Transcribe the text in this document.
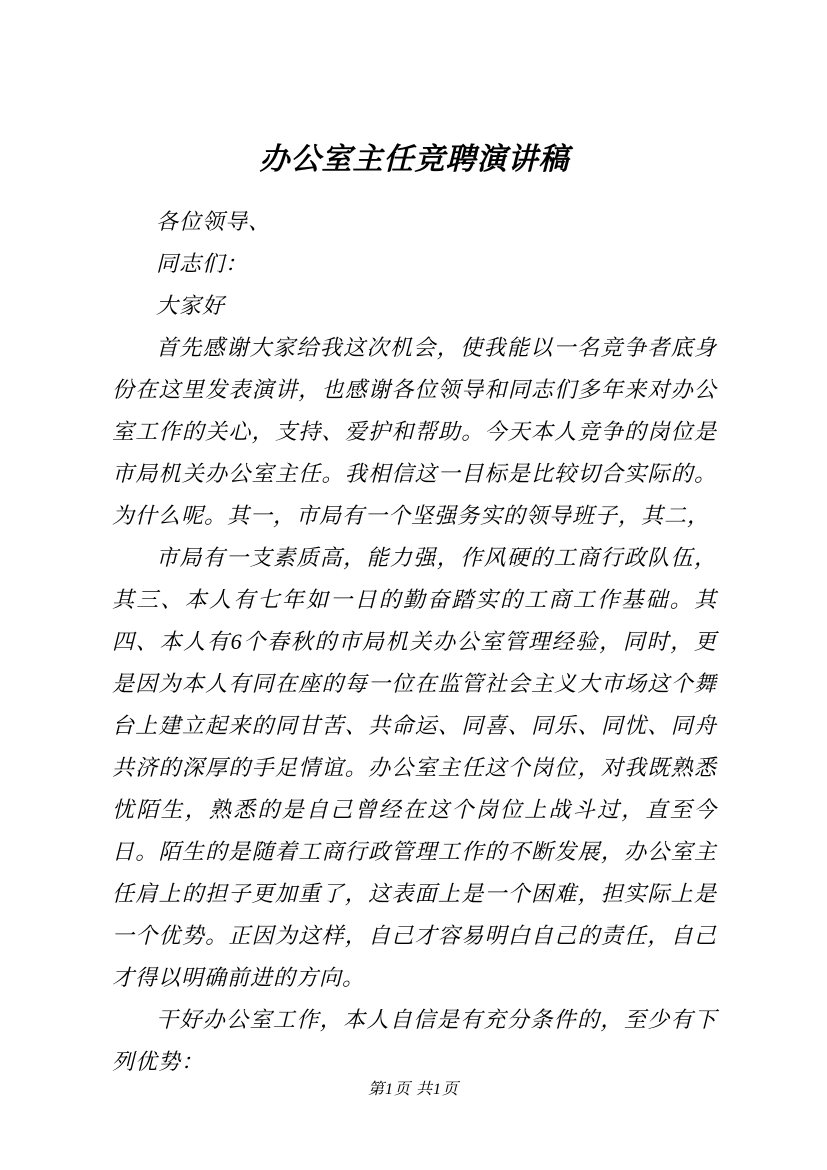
办公室主任竞聘演讲稿

各位领导、

同志们：

大家好

首先感谢大家给我这次机会，使我能以一名竞争者底身份在这里发表演讲，也感谢各位领导和同志们多年来对办公室工作的关心，支持、爱护和帮助。今天本人竞争的岗位是市局机关办公室主任。我相信这一目标是比较切合实际的。为什么呢。其一，市局有一个坚强务实的领导班子，其二，

市局有一支素质高，能力强，作风硬的工商行政队伍，其三、本人有七年如一日的勤奋踏实的工商工作基础。其四、本人有6个春秋的市局机关办公室管理经验，同时，更是因为本人有同在座的每一位在监管社会主义大市场这个舞台上建立起来的同甘苦、共命运、同喜、同乐、同忧、同舟共济的深厚的手足情谊。办公室主任这个岗位，对我既熟悉忧陌生，熟悉的是自己曾经在这个岗位上战斗过，直至今日。陌生的是随着工商行政管理工作的不断发展，办公室主任肩上的担子更加重了，这表面上是一个困难，担实际上是一个优势。正因为这样，自己才容易明白自己的责任，自己才得以明确前进的方向。

干好办公室工作，本人自信是有充分条件的，至少有下列优势：

第1页 共1页
